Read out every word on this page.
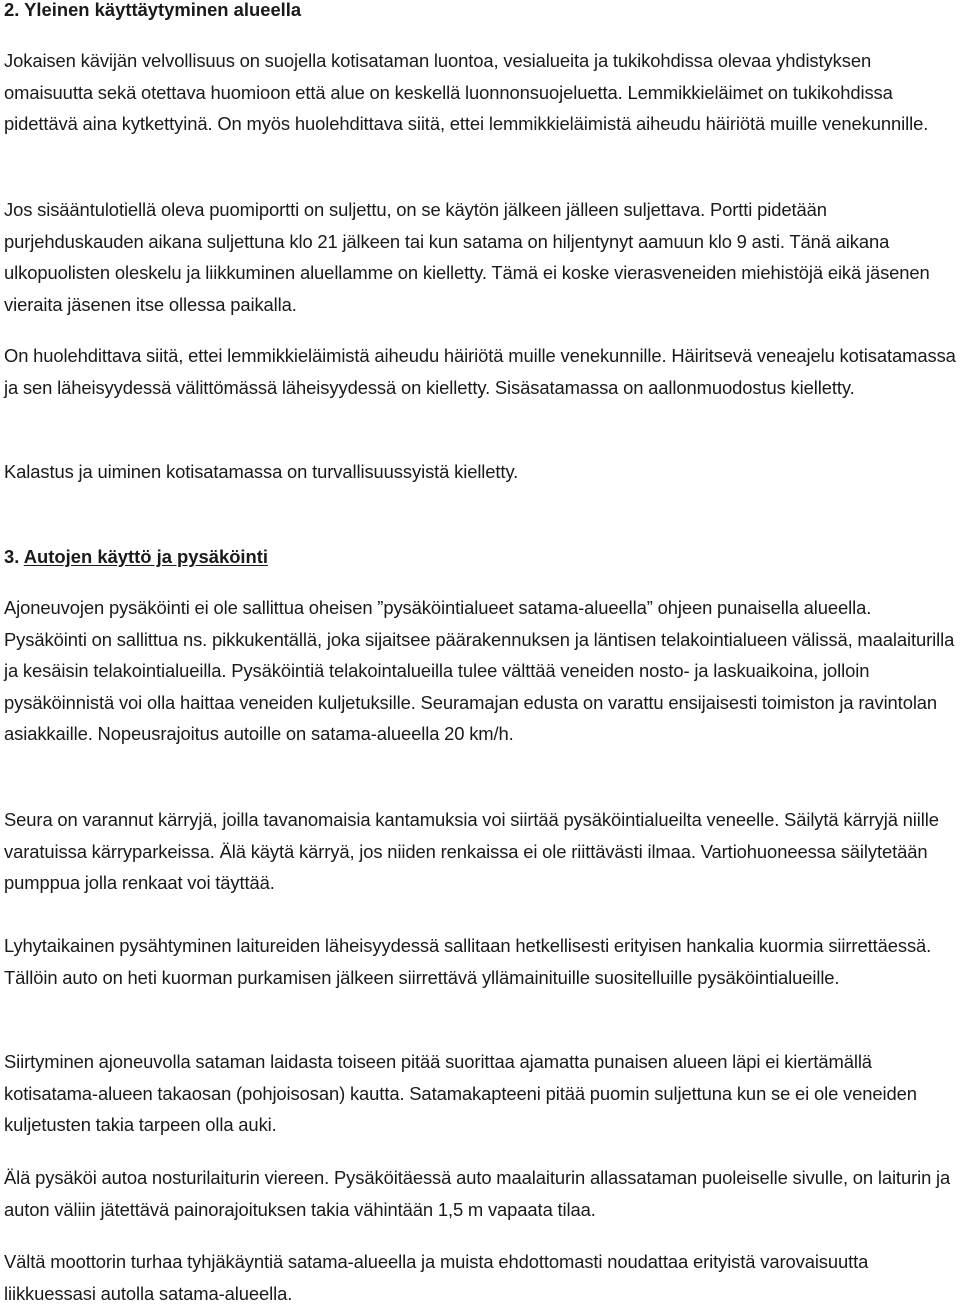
2. Yleinen käyttäytyminen alueella

Jokaisen kävijän velvollisuus on suojella kotisataman luontoa, vesialueita ja tukikohdissa olevaa yhdistyksen omaisuutta sekä otettava huomioon että alue on keskellä luonnonsuojeluetta. Lemmikkieläimet on tukikohdissa pidettävä aina kytkettyinä. On myös huolehdittava siitä, ettei lemmikkieläimistä aiheudu häiriötä muille venekunnille.

Jos sisääntulotiellä oleva puomiportti on suljettu, on se käytön jälkeen jälleen suljettava. Portti pidetään purjehduskauden aikana suljettuna klo 21 jälkeen tai kun satama on hiljentynyt aamuun klo 9 asti. Tänä aikana ulkopuolisten oleskelu ja liikkuminen aluellamme on kielletty. Tämä ei koske vierasveneiden miehistöjä eikä jäsenen vieraita jäsenen itse ollessa paikalla.

On huolehdittava siitä, ettei lemmikkieläimistä aiheudu häiriötä muille venekunnille. Häiritsevä veneajelu kotisatamassa ja sen läheisyydessä välittömässä läheisyydessä on kielletty. Sisäsatamassa on aallonmuodostus kielletty.

Kalastus ja uiminen kotisatamassa on turvallisuussyistä kielletty.

3. Autojen käyttö ja pysäköinti

Ajoneuvojen pysäköinti ei ole sallittua oheisen ”pysäköintialueet satama-alueella” ohjeen punaisella alueella. Pysäköinti on sallittua ns. pikkukentällä, joka sijaitsee päärakennuksen ja läntisen telakointialueen välissä, maalaiturilla ja kesäisin telakointialueilla. Pysäköintiä telakointalueilla tulee välttää veneiden nosto- ja laskuaikoina, jolloin pysäköinnistä voi olla haittaa veneiden kuljetuksille. Seuramajan edusta on varattu ensijaisesti toimiston ja ravintolan asiakkaille. Nopeusrajoitus autoille on satama-alueella 20 km/h.

Seura on varannut kärryjä, joilla tavanomaisia kantamuksia voi siirtää pysäköintialueilta veneelle. Säilytä kärryjä niille varatuissa kärryparkeissa. Älä käytä kärryä, jos niiden renkaissa ei ole riittävästi ilmaa. Vartiohuoneessa säilytetään pumppua jolla renkaat voi täyttää.

Lyhytaikainen pysähtyminen laitureiden läheisyydessä sallitaan hetkellisesti erityisen hankalia kuormia siirrettäessä. Tällöin auto on heti kuorman purkamisen jälkeen siirrettävä yllämainituille suositelluille pysäköintialueille.

Siirtyminen ajoneuvolla sataman laidasta toiseen pitää suorittaa ajamatta punaisen alueen läpi ei kiertämällä kotisatama-alueen takaosan (pohjoisosan) kautta. Satamakapteeni pitää puomin suljettuna kun se ei ole veneiden kuljetusten takia tarpeen olla auki.

Älä pysäköi autoa nosturilaiturin viereen. Pysäköitäessä auto maalaiturin allassataman puoleiselle sivulle, on laiturin ja auton väliin jätettävä painorajoituksen takia vähintään 1,5 m vapaata tilaa.

Vältä moottorin turhaa tyhjäkäyntiä satama-alueella ja muista ehdottomasti noudattaa erityistä varovaisuutta liikkuessasi autolla satama-alueella.
